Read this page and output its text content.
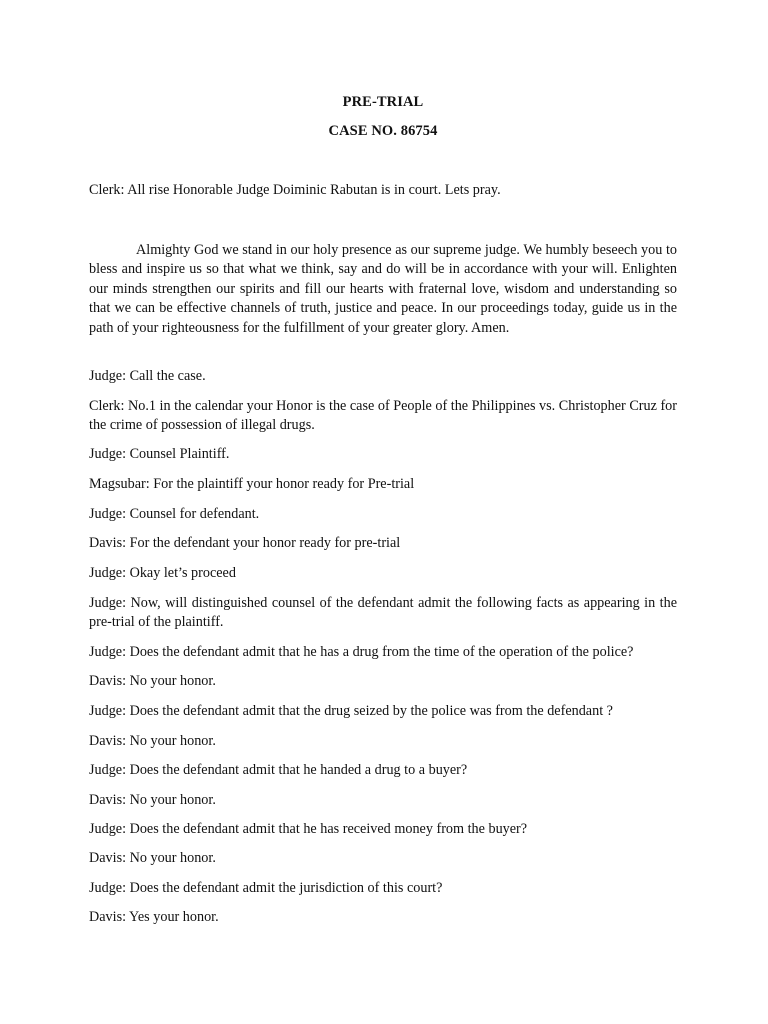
PRE-TRIAL
CASE NO. 86754
Clerk: All rise Honorable Judge Doiminic Rabutan is in court. Lets pray.
Almighty God we stand in our holy presence as our supreme judge. We humbly beseech you to bless and inspire us so that what we think, say and do will be in accordance with your will. Enlighten our minds strengthen our spirits and fill our hearts with fraternal love, wisdom and understanding so that we can be effective channels of truth, justice and peace. In our proceedings today, guide us in the path of your righteousness for the fulfillment of your greater glory. Amen.
Judge: Call the case.
Clerk: No.1 in the calendar your Honor is the case of People of the Philippines vs. Christopher Cruz for the crime of possession of illegal drugs.
Judge: Counsel Plaintiff.
Magsubar: For the plaintiff your honor ready for Pre-trial
Judge: Counsel for defendant.
Davis: For the defendant your honor ready for pre-trial
Judge: Okay let’s proceed
Judge: Now, will distinguished counsel of the defendant admit the following facts as appearing in the pre-trial of the plaintiff.
Judge: Does the defendant admit that he has a drug from the time of the operation of the police?
Davis: No your honor.
Judge: Does the defendant admit that the drug seized by the police was from the defendant ?
Davis: No your honor.
Judge: Does the defendant admit that he handed a drug to a buyer?
Davis: No your honor.
Judge: Does the defendant admit that he has received money from the buyer?
Davis: No your honor.
Judge: Does the defendant admit the jurisdiction of this court?
Davis: Yes your honor.
